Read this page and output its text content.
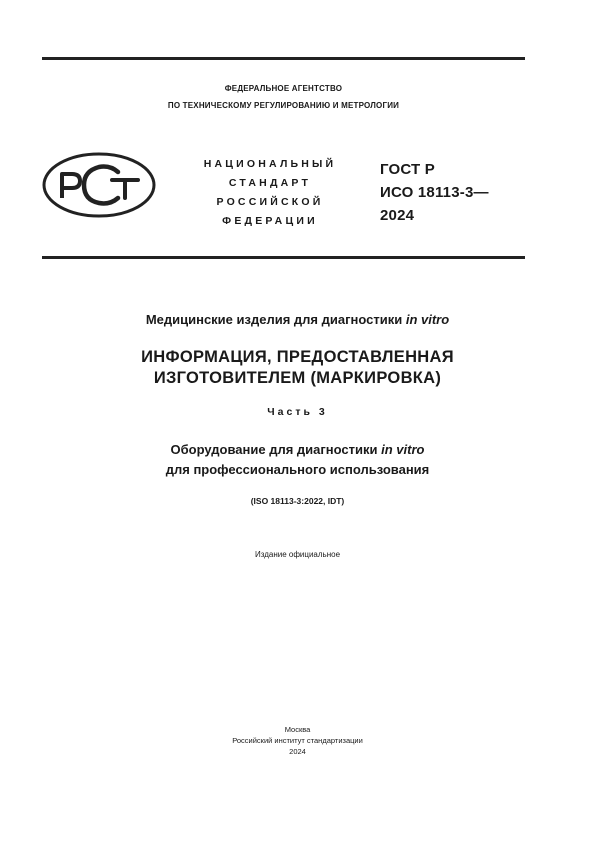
ФЕДЕРАЛЬНОЕ АГЕНТСТВО
ПО ТЕХНИЧЕСКОМУ РЕГУЛИРОВАНИЮ И МЕТРОЛОГИИ
НАЦИОНАЛЬНЫЙ
СТАНДАРТ
РОССИЙСКОЙ
ФЕДЕРАЦИИ
ГОСТ Р
ИСО 18113-3—
2024
Медицинские изделия для диагностики in vitro
ИНФОРМАЦИЯ, ПРЕДОСТАВЛЕННАЯ
ИЗГОТОВИТЕЛЕМ (МАРКИРОВКА)
Часть 3
Оборудование для диагностики in vitro
для профессионального использования
(ISO 18113-3:2022, IDT)
Издание официальное
Москва
Российский институт стандартизации
2024
